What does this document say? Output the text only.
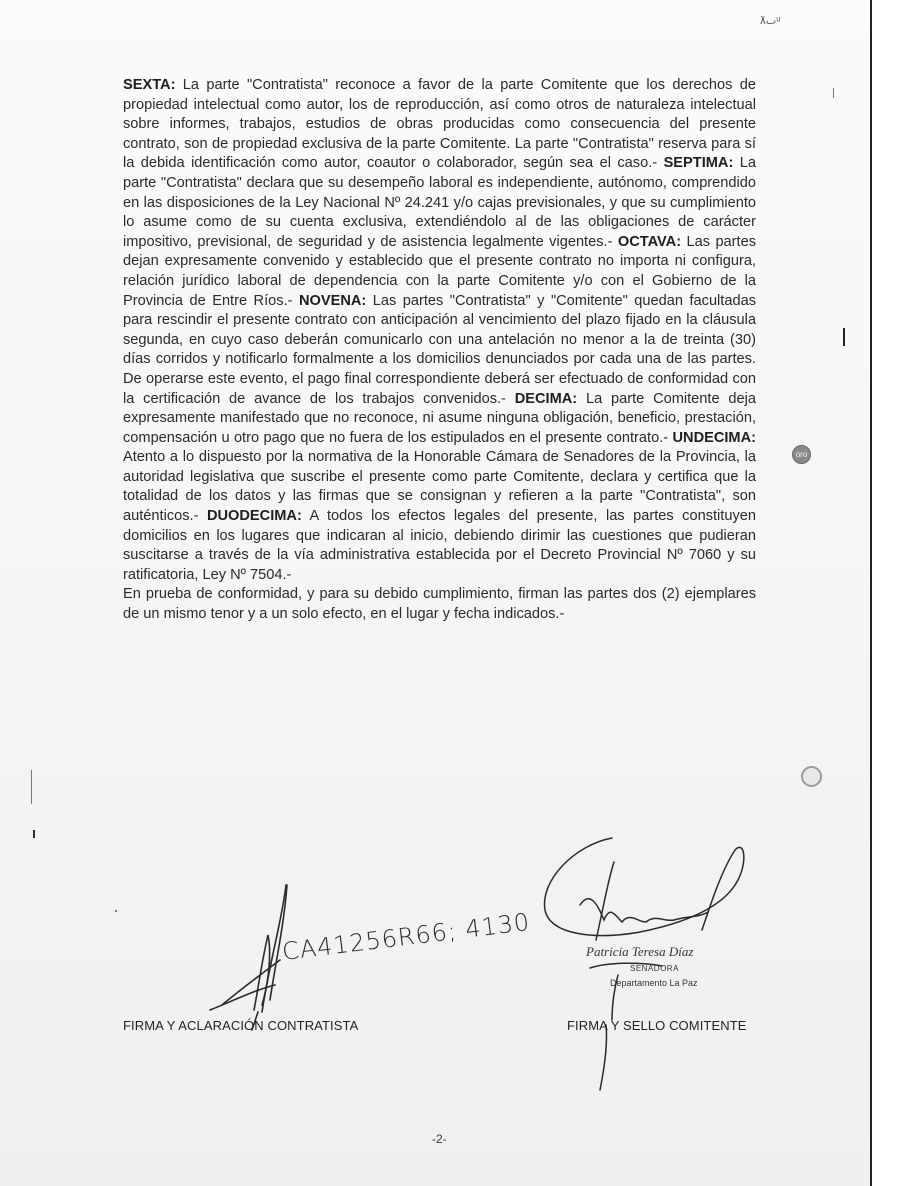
ٓٮ٨ᵘ

SEXTA: La parte "Contratista" reconoce a favor de la parte Comitente que los derechos de propiedad intelectual como autor, los de reproducción, así como otros de naturaleza intelectual sobre informes, trabajos, estudios de obras producidas como consecuencia del presente contrato, son de propiedad exclusiva de la parte Comitente. La parte "Contratista" reserva para sí la debida identificación como autor, coautor o colaborador, según sea el caso.- SEPTIMA: La parte "Contratista" declara que su desempeño laboral es independiente, autónomo, comprendido en las disposiciones de la Ley Nacional Nº 24.241 y/o cajas previsionales, y que su cumplimiento lo asume como de su cuenta exclusiva, extendiéndolo al de las obligaciones de carácter impositivo, previsional, de seguridad y de asistencia legalmente vigentes.- OCTAVA: Las partes dejan expresamente convenido y establecido que el presente contrato no importa ni configura, relación jurídico laboral de dependencia con la parte Comitente y/o con el Gobierno de la Provincia de Entre Ríos.- NOVENA: Las partes "Contratista" y "Comitente" quedan facultadas para rescindir el presente contrato con anticipación al vencimiento del plazo fijado en la cláusula segunda, en cuyo caso deberán comunicarlo con una antelación no menor a la de treinta (30) días corridos y notificarlo formalmente a los domicilios denunciados por cada una de las partes. De operarse este evento, el pago final correspondiente deberá ser efectuado de conformidad con la certificación de avance de los trabajos convenidos.- DECIMA: La parte Comitente deja expresamente manifestado que no reconoce, ni asume ninguna obligación, beneficio, prestación, compensación u otro pago que no fuera de los estipulados en el presente contrato.- UNDECIMA: Atento a lo dispuesto por la normativa de la Honorable Cámara de Senadores de la Provincia, la autoridad legislativa que suscribe el presente como parte Comitente, declara y certifica que la totalidad de los datos y las firmas que se consignan y refieren a la parte "Contratista", son auténticos.- DUODECIMA: A todos los efectos legales del presente, las partes constituyen domicilios en los lugares que indicaran al inicio, debiendo dirimir las cuestiones que pudieran suscitarse a través de la vía administrativa establecida por el Decreto Provincial Nº 7060 y su ratificatoria, Ley Nº 7504.-

En prueba de conformidad, y para su debido cumplimiento, firman las partes dos (2) ejemplares de un mismo tenor y a un solo efecto, en el lugar y fecha indicados.-

oro
CA41256R66; 4130	Patricia Teresa Díaz
SENADORA
Departamento La Paz
FIRMA Y ACLARACIÓN CONTRATISTA	FIRMA Y SELLO COMITENTE
-2-
